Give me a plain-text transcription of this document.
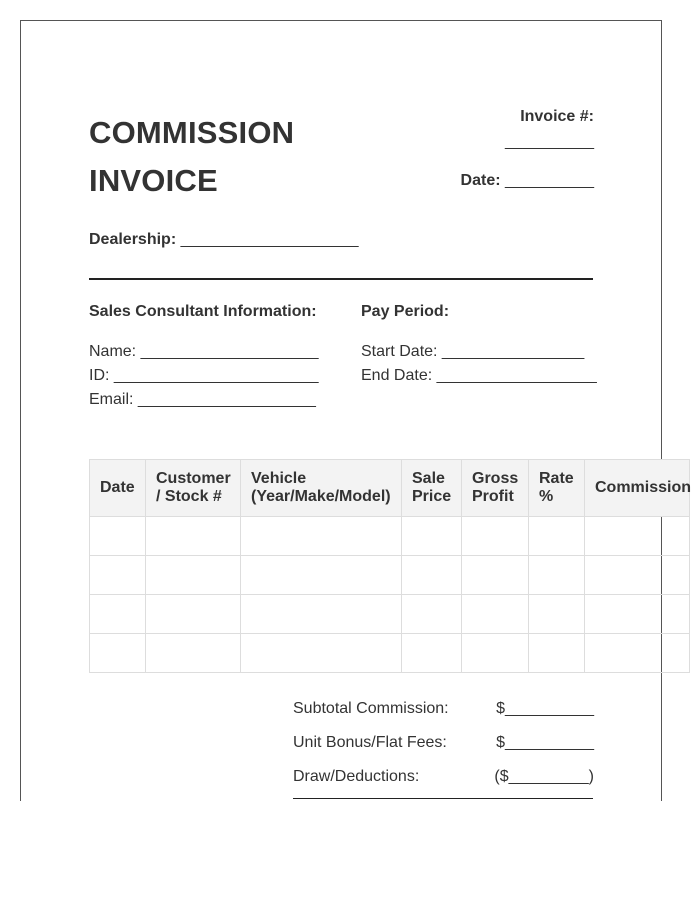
COMMISSION
INVOICE
Invoice #:
__________
Date: __________
Dealership: ____________________
Sales Consultant Information:
Name: ____________________
ID: _______________________
Email: ____________________
Pay Period:
Start Date: ________________
End Date: __________________
Date	Customer / Stock #	Vehicle (Year/Make/Model)	Sale Price	Gross Profit	Rate %	Commission

Subtotal Commission:	$__________
Unit Bonus/Flat Fees:	$__________
Draw/Deductions:	($_________)
